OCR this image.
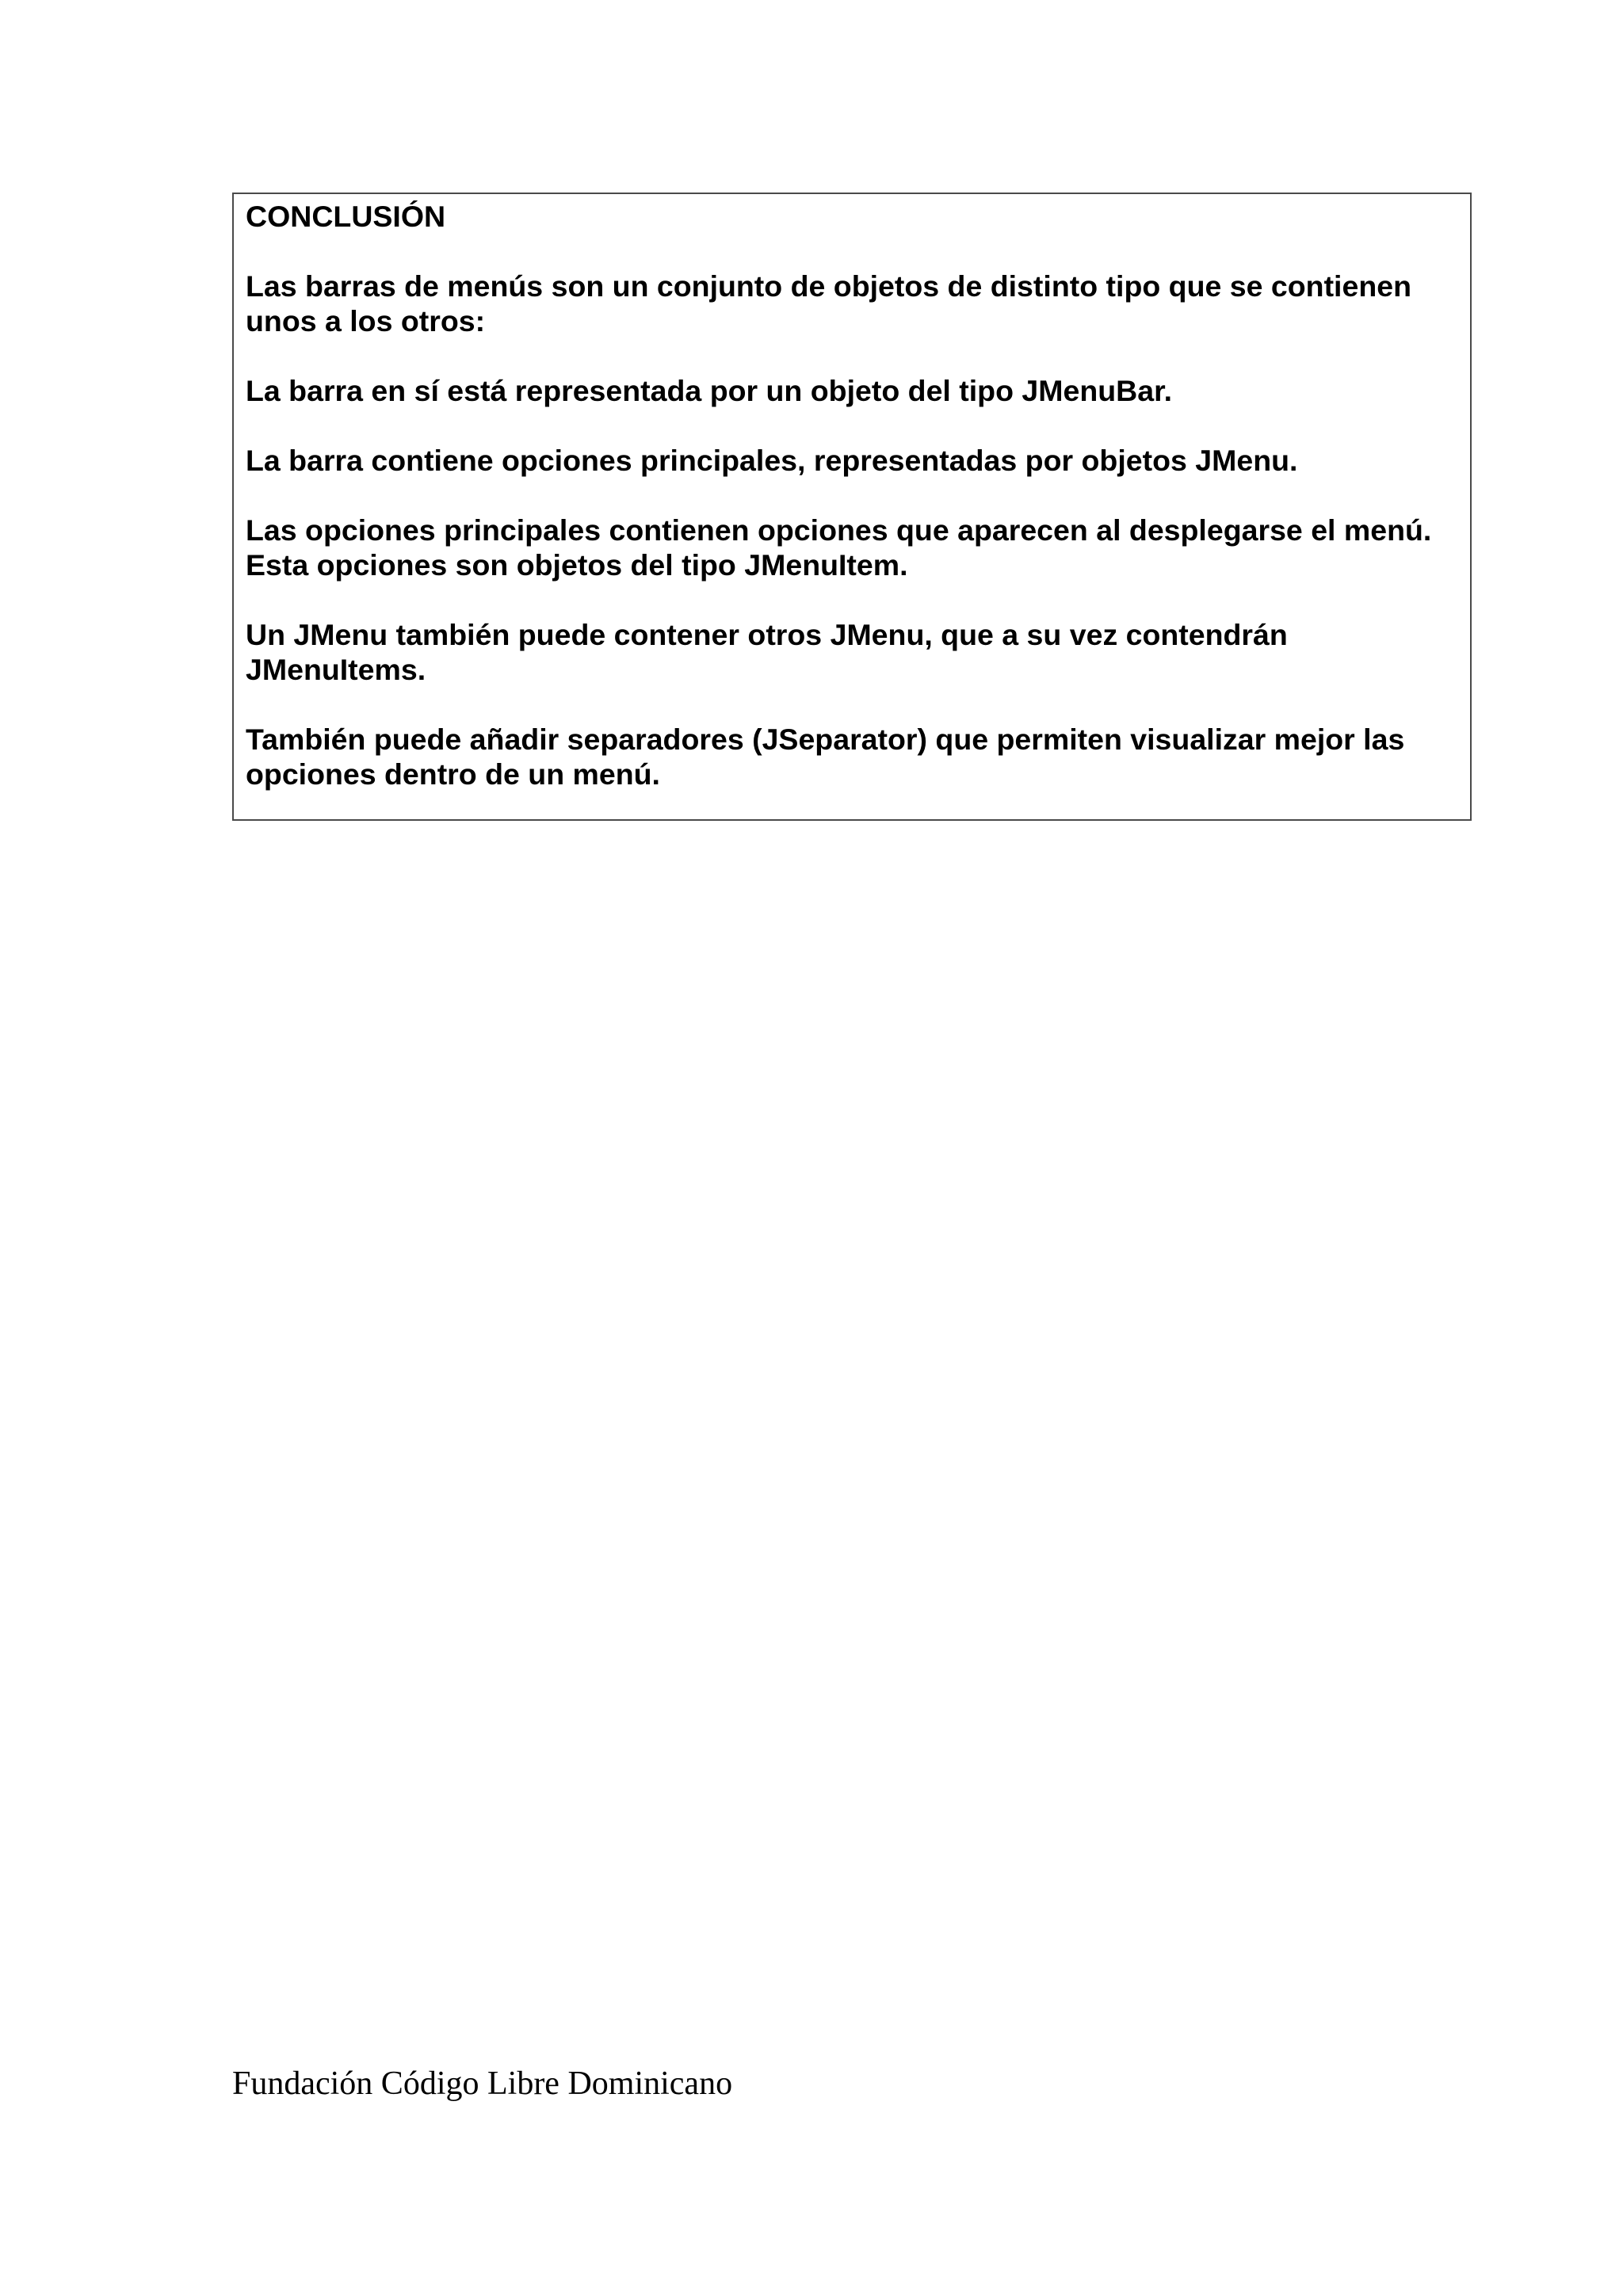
CONCLUSIÓN

Las barras de menús son un conjunto de objetos de distinto tipo que se contienen
unos a los otros:

La barra en sí está representada por un objeto del tipo JMenuBar.

La barra contiene opciones principales, representadas por objetos JMenu.

Las opciones principales contienen opciones que aparecen al desplegarse el menú.
Esta opciones son objetos del tipo JMenuItem.

Un JMenu también puede contener otros JMenu, que a su vez contendrán
JMenuItems.

También puede añadir separadores (JSeparator) que permiten visualizar mejor las
opciones dentro de un menú.

Fundación Código Libre Dominicano
